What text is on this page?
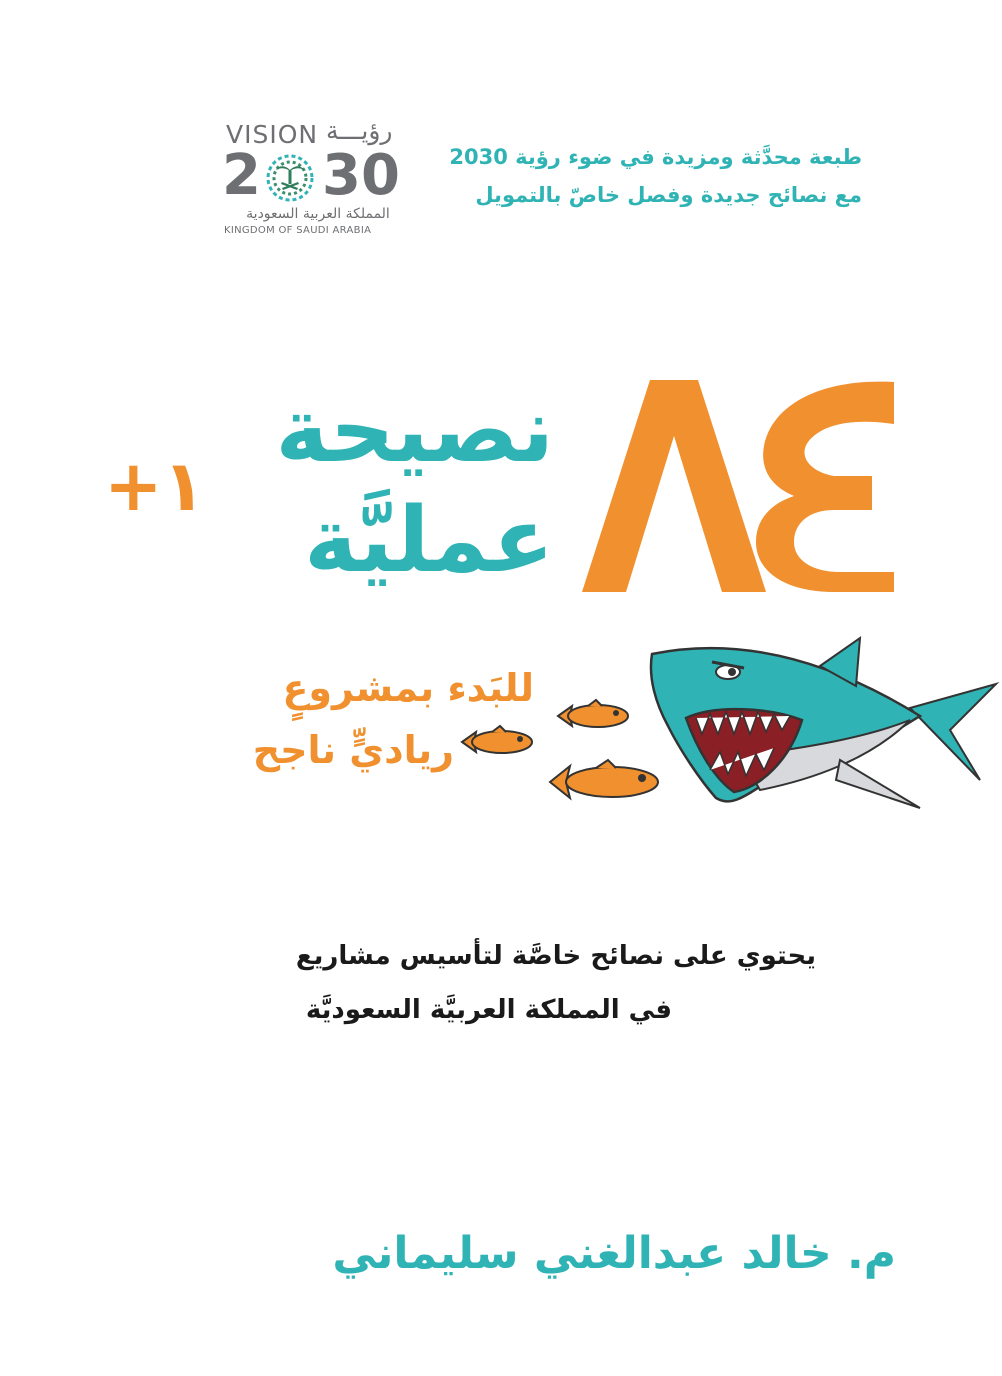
طبعة محدَّثة ومزيدة في ضوء رؤية 2030
مع نصائح جديدة وفصل خاصّ بالتمويل
VISION رؤيـــة
2 30
المملكة العربية السعودية
KINGDOM OF SAUDI ARABIA
نصيحة
عمليَّة
+١
للبَدء بمشروعٍ
رياديٍّ ناجح
يحتوي على نصائح خاصَّة لتأسيس مشاريع
في المملكة العربيَّة السعوديَّة
م. خالد عبدالغني سليماني
